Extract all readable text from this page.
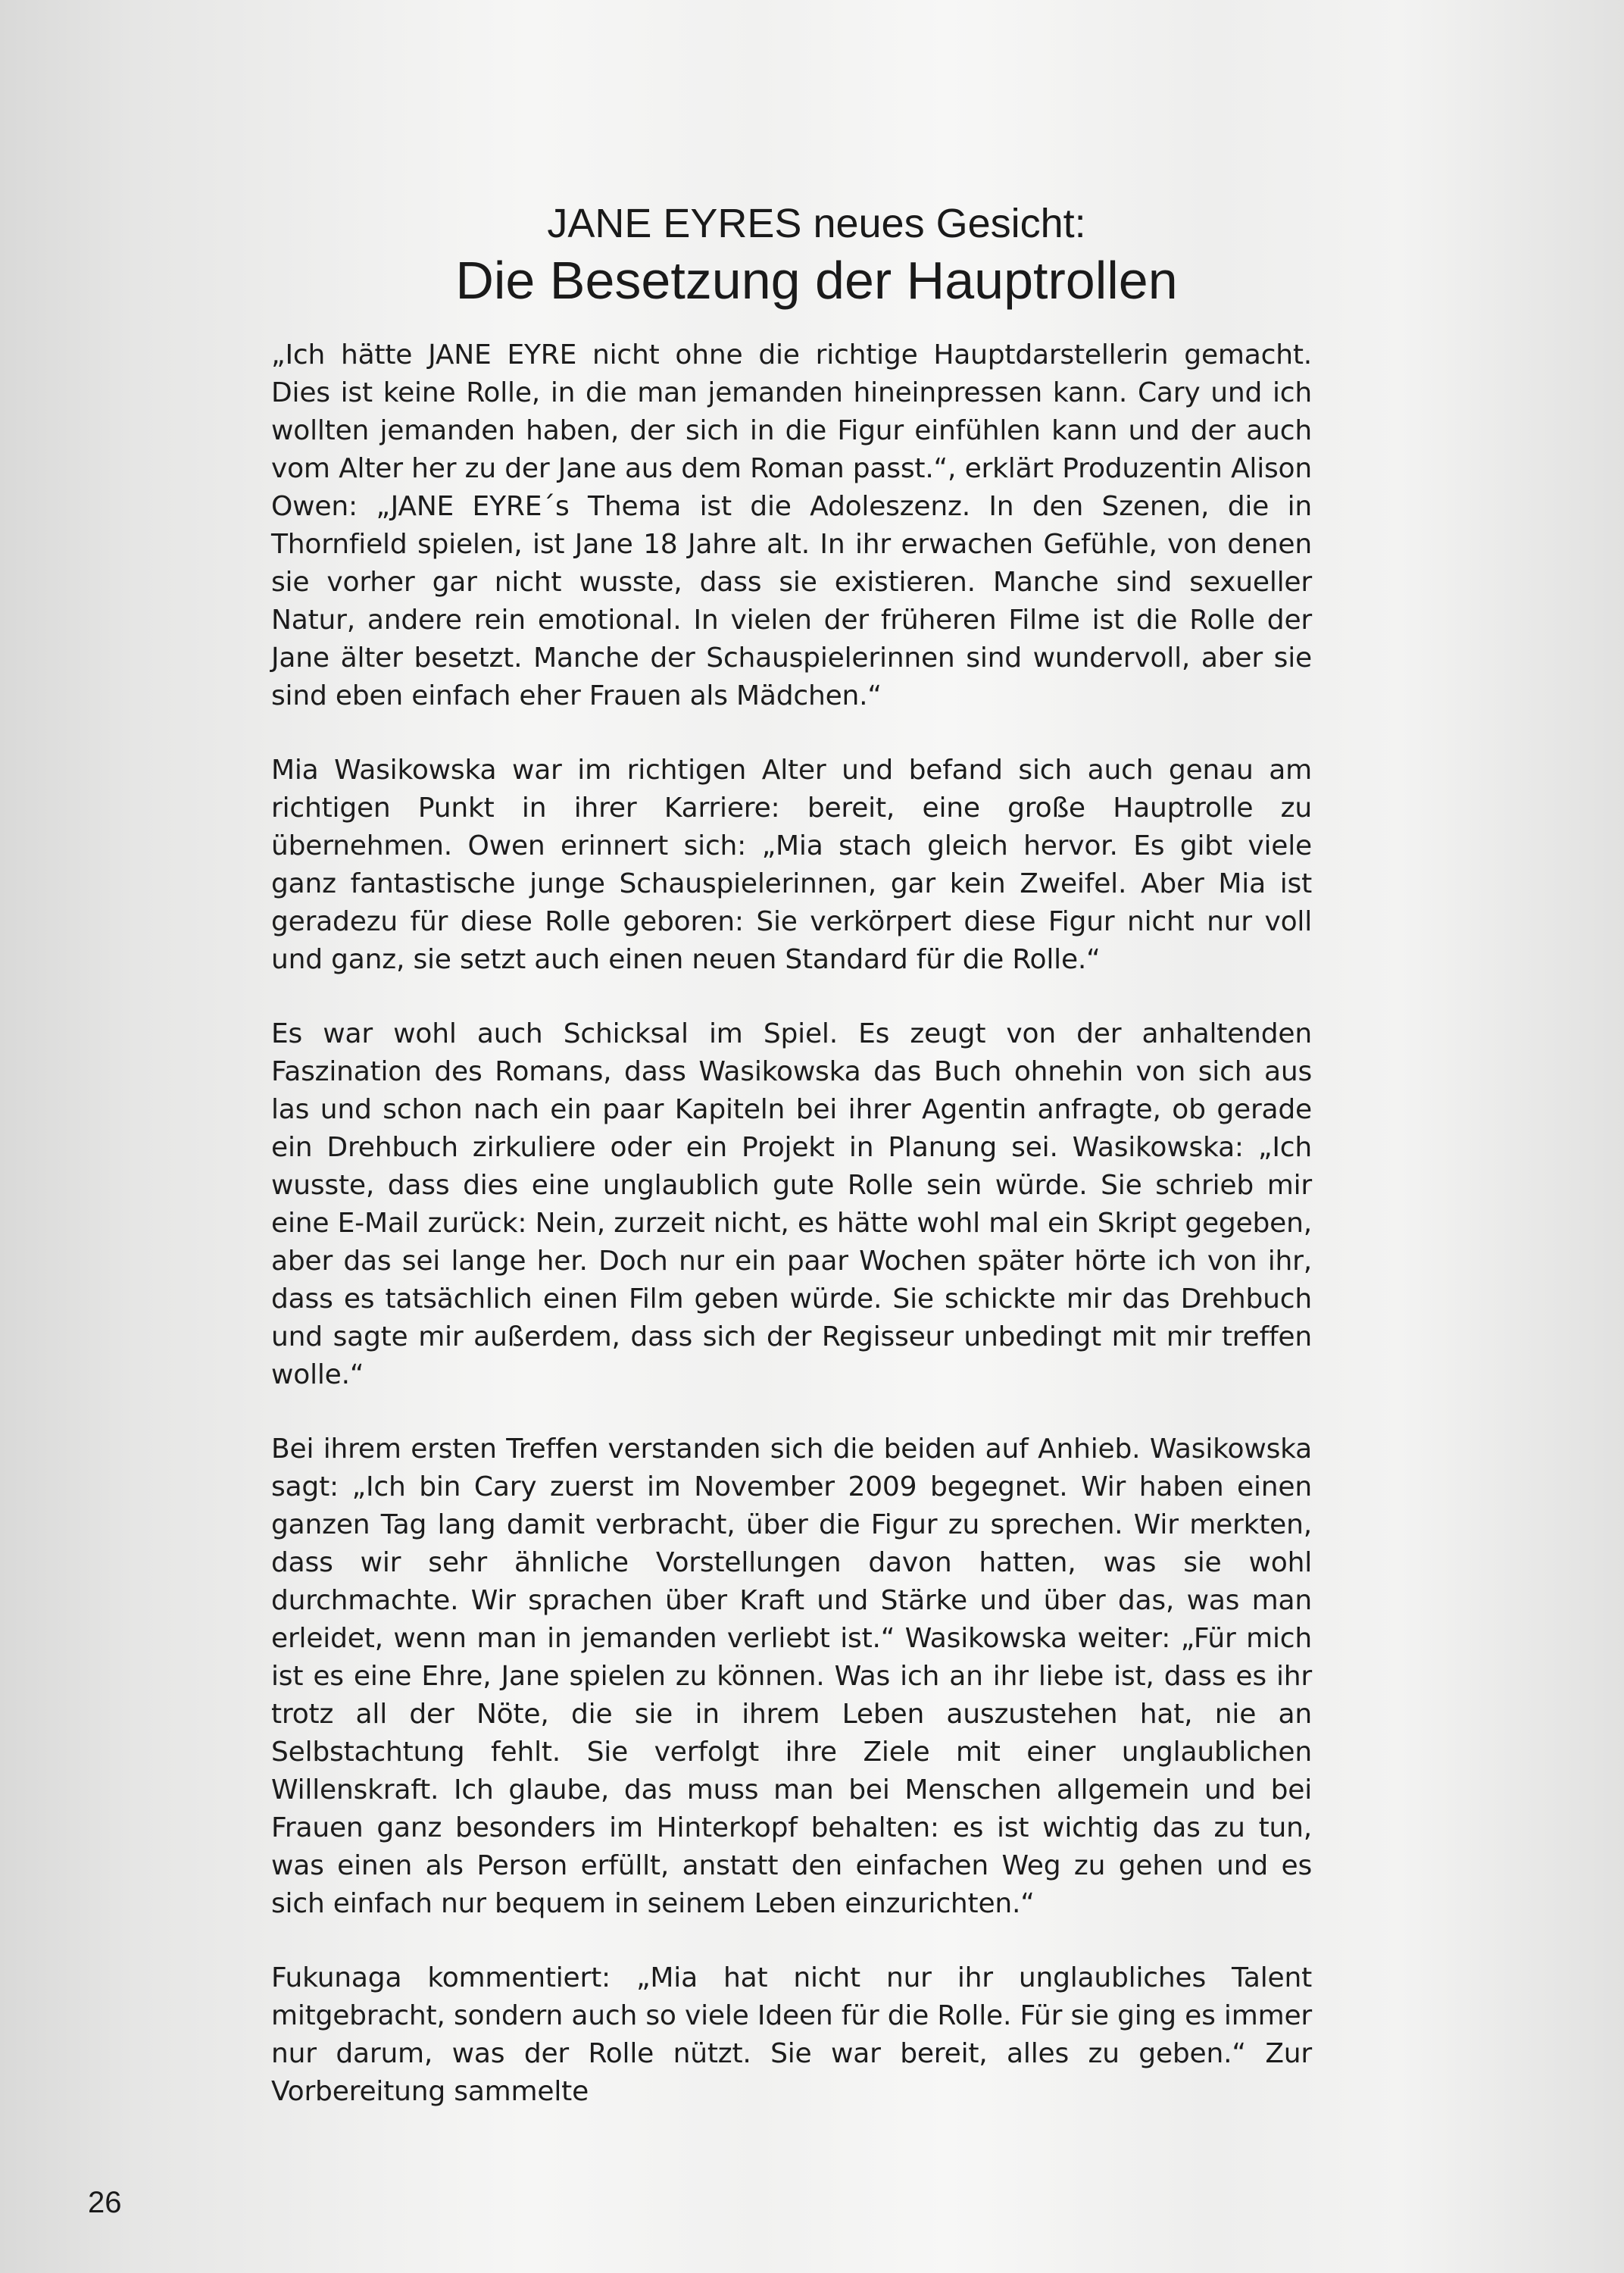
JANE EYRES neues Gesicht:
Die Besetzung der Hauptrollen

„Ich hätte JANE EYRE nicht ohne die richtige Hauptdarstellerin gemacht. Dies ist keine Rolle, in die man jemanden hineinpressen kann. Cary und ich wollten jemanden haben, der sich in die Figur einfühlen kann und der auch vom Alter her zu der Jane aus dem Roman passt.“, erklärt Produzentin Alison Owen: „JANE EYRE´s Thema ist die Adoleszenz. In den Szenen, die in Thornfield spielen, ist Jane 18 Jahre alt. In ihr erwachen Gefühle, von denen sie vorher gar nicht wusste, dass sie existieren. Manche sind sexueller Natur, andere rein emotional. In vielen der früheren Filme ist die Rolle der Jane älter besetzt. Manche der Schauspielerinnen sind wundervoll, aber sie sind eben einfach eher Frauen als Mädchen.“

Mia Wasikowska war im richtigen Alter und befand sich auch genau am richtigen Punkt in ihrer Karriere: bereit, eine große Hauptrolle zu übernehmen. Owen erinnert sich: „Mia stach gleich hervor. Es gibt viele ganz fantastische junge Schauspielerinnen, gar kein Zweifel. Aber Mia ist geradezu für diese Rolle geboren: Sie verkörpert diese Figur nicht nur voll und ganz, sie setzt auch einen neuen Standard für die Rolle.“

Es war wohl auch Schicksal im Spiel. Es zeugt von der anhaltenden Faszination des Romans, dass Wasikowska das Buch ohnehin von sich aus las und schon nach ein paar Kapiteln bei ihrer Agentin anfragte, ob gerade ein Drehbuch zirkuliere oder ein Projekt in Planung sei. Wasikowska: „Ich wusste, dass dies eine unglaublich gute Rolle sein würde. Sie schrieb mir eine E-Mail zurück: Nein, zurzeit nicht, es hätte wohl mal ein Skript gegeben, aber das sei lange her. Doch nur ein paar Wochen später hörte ich von ihr, dass es tatsächlich einen Film geben würde. Sie schickte mir das Drehbuch und sagte mir außerdem, dass sich der Regisseur unbedingt mit mir treffen wolle.“

Bei ihrem ersten Treffen verstanden sich die beiden auf Anhieb. Wasikowska sagt: „Ich bin Cary zuerst im November 2009 begegnet. Wir haben einen ganzen Tag lang damit verbracht, über die Figur zu sprechen. Wir merkten, dass wir sehr ähnliche Vorstellungen davon hatten, was sie wohl durchmachte. Wir sprachen über Kraft und Stärke und über das, was man erleidet, wenn man in jemanden verliebt ist.“ Wasikowska weiter: „Für mich ist es eine Ehre, Jane spielen zu können. Was ich an ihr liebe ist, dass es ihr trotz all der Nöte, die sie in ihrem Leben auszustehen hat, nie an Selbstachtung fehlt. Sie verfolgt ihre Ziele mit einer unglaublichen Willenskraft. Ich glaube, das muss man bei Menschen allgemein und bei Frauen ganz besonders im Hinterkopf behalten: es ist wichtig das zu tun, was einen als Person erfüllt, anstatt den einfachen Weg zu gehen und es sich einfach nur bequem in seinem Leben einzurichten.“

Fukunaga kommentiert: „Mia hat nicht nur ihr unglaubliches Talent mitgebracht, sondern auch so viele Ideen für die Rolle. Für sie ging es immer nur darum, was der Rolle nützt. Sie war bereit, alles zu geben.“ Zur Vorbereitung sammelte

26
